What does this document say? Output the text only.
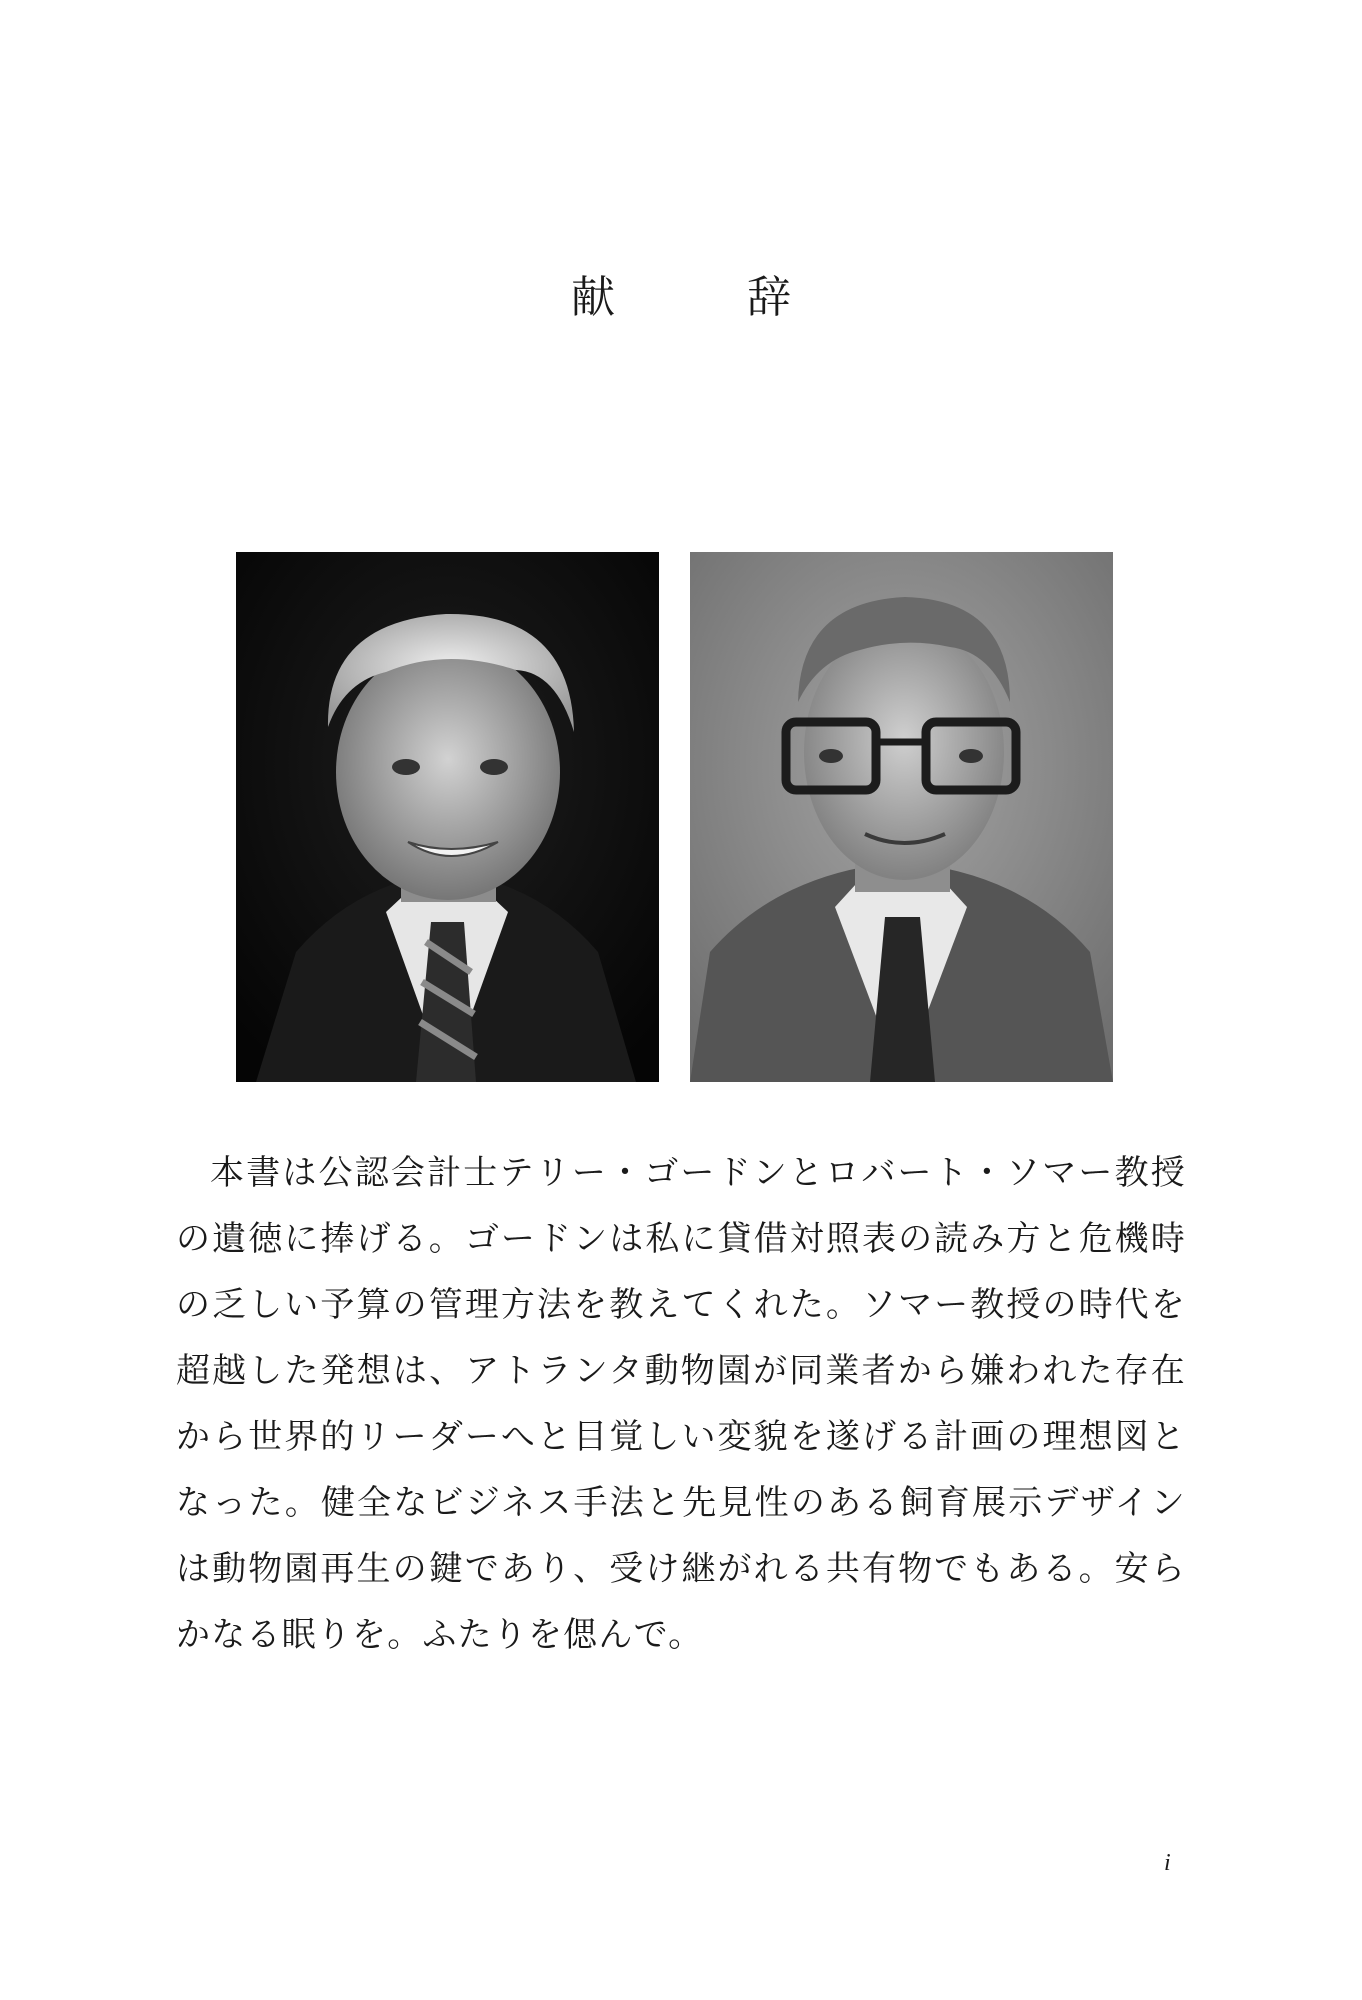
献　辞

本書は公認会計士テリー・ゴードンとロバート・ソマー教授の遺徳に捧げる。ゴードンは私に貸借対照表の読み方と危機時の乏しい予算の管理方法を教えてくれた。ソマー教授の時代を超越した発想は、アトランタ動物園が同業者から嫌われた存在から世界的リーダーへと目覚しい変貌を遂げる計画の理想図となった。健全なビジネス手法と先見性のある飼育展示デザインは動物園再生の鍵であり、受け継がれる共有物でもある。安らかなる眠りを。ふたりを偲んで。

i
